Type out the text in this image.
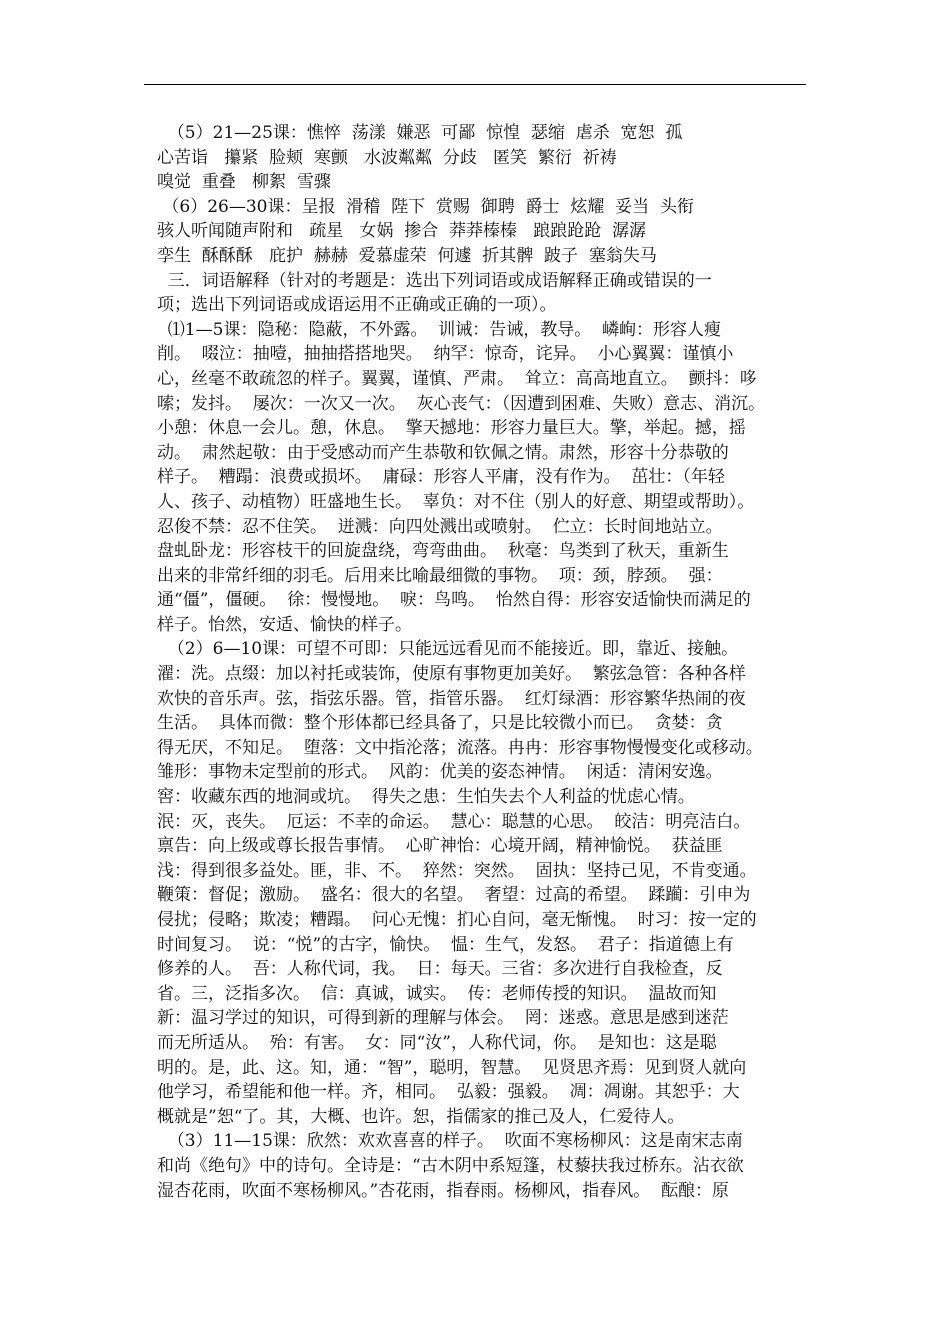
（5）21—25课：憔悴  荡漾  嫌恶  可鄙  惊惶  瑟缩  虐杀  宽恕  孤
心苦诣   攥紧  脸颊  寒颤   水波粼粼  分歧   匿笑  繁衍  祈祷
嗅觉  重叠   柳絮  雪骤
（6）26—30课：呈报  滑稽  陛下  赏赐  御聘  爵士  炫耀  妥当  头衔
骇人听闻随声附和   疏星   女娲  掺合  莽莽榛榛   踉踉跄跄  潺潺
孪生  酥酥酥   庇护  赫赫  爱慕虚荣  何遽  折其髀  跛子  塞翁失马
三．词语解释（针对的考题是：选出下列词语或成语解释正确或错误的一
项；选出下列词语或成语运用不正确或正确的一项）。
⑴1—5课：隐秘：隐蔽，不外露。  训诫：告诫，教导。  嶙峋：形容人瘦
削。  啜泣：抽噎，抽抽搭搭地哭。  纳罕：惊奇，诧异。  小心翼翼：谨慎小
心，丝毫不敢疏忽的样子。翼翼，谨慎、严肃。  耸立：高高地直立。  颤抖：哆
嗦；发抖。  屡次：一次又一次。  灰心丧气：（因遭到困难、失败）意志、消沉。
小憩：休息一会儿。憩，休息。  擎天撼地：形容力量巨大。擎，举起。撼，摇
动。  肃然起敬：由于受感动而产生恭敬和钦佩之情。肃然，形容十分恭敬的
样子。  糟蹋：浪费或损坏。  庸碌：形容人平庸，没有作为。  茁壮：（年轻
人、孩子、动植物）旺盛地生长。  辜负：对不住（别人的好意、期望或帮助）。
忍俊不禁：忍不住笑。  迸溅：向四处溅出或喷射。  伫立：长时间地站立。
盘虬卧龙：形容枝干的回旋盘绕，弯弯曲曲。  秋毫：鸟类到了秋天，重新生
出来的非常纤细的羽毛。后用来比喻最细微的事物。  项：颈，脖颈。  强：
通“僵”，僵硬。  徐：慢慢地。  唳：鸟鸣。  怡然自得：形容安适愉快而满足的
样子。怡然，安适、愉快的样子。
（2）6—10课：可望不可即：只能远远看见而不能接近。即，靠近、接触。
濯：洗。点缀：加以衬托或装饰，使原有事物更加美好。  繁弦急管：各种各样
欢快的音乐声。弦，指弦乐器。管，指管乐器。  红灯绿酒：形容繁华热闹的夜
生活。  具体而微：整个形体都已经具备了，只是比较微小而已。  贪婪：贪
得无厌，不知足。  堕落：文中指沦落；流落。冉冉：形容事物慢慢变化或移动。
雏形：事物未定型前的形式。  风韵：优美的姿态神情。  闲适：清闲安逸。
窖：收藏东西的地洞或坑。  得失之患：生怕失去个人利益的忧虑心情。
泯：灭，丧失。  厄运：不幸的命运。  慧心：聪慧的心思。  皎洁：明亮洁白。
禀告：向上级或尊长报告事情。  心旷神怡：心境开阔，精神愉悦。  获益匪
浅：得到很多益处。匪，非、不。  猝然：突然。  固执：坚持己见，不肯变通。
鞭策：督促；激励。  盛名：很大的名望。  奢望：过高的希望。  蹂躏：引申为
侵扰；侵略；欺凌；糟蹋。  问心无愧：扪心自问，毫无惭愧。  时习：按一定的
时间复习。  说：“悦”的古字，愉快。  愠：生气，发怒。  君子：指道德上有
修养的人。  吾：人称代词，我。  日：每天。三省：多次进行自我检查，反
省。三，泛指多次。  信：真诚，诚实。  传：老师传授的知识。  温故而知
新：温习学过的知识，可得到新的理解与体会。  罔：迷惑。意思是感到迷茫
而无所适从。  殆：有害。  女：同“汝”，人称代词，你。  是知也：这是聪
明的。是，此、这。知，通：“智”，聪明，智慧。  见贤思齐焉：见到贤人就向
他学习，希望能和他一样。齐，相同。  弘毅：强毅。  凋：凋谢。其恕乎：大
概就是”恕“了。其，大概、也许。恕，指儒家的推己及人，仁爱待人。
（3）11—15课：欣然：欢欢喜喜的样子。  吹面不寒杨柳风：这是南宋志南
和尚《绝句》中的诗句。全诗是：“古木阴中系短篷，杖藜扶我过桥东。沾衣欲
湿杏花雨，吹面不寒杨柳风。”杏花雨，指春雨。杨柳风，指春风。  酝酿：原
